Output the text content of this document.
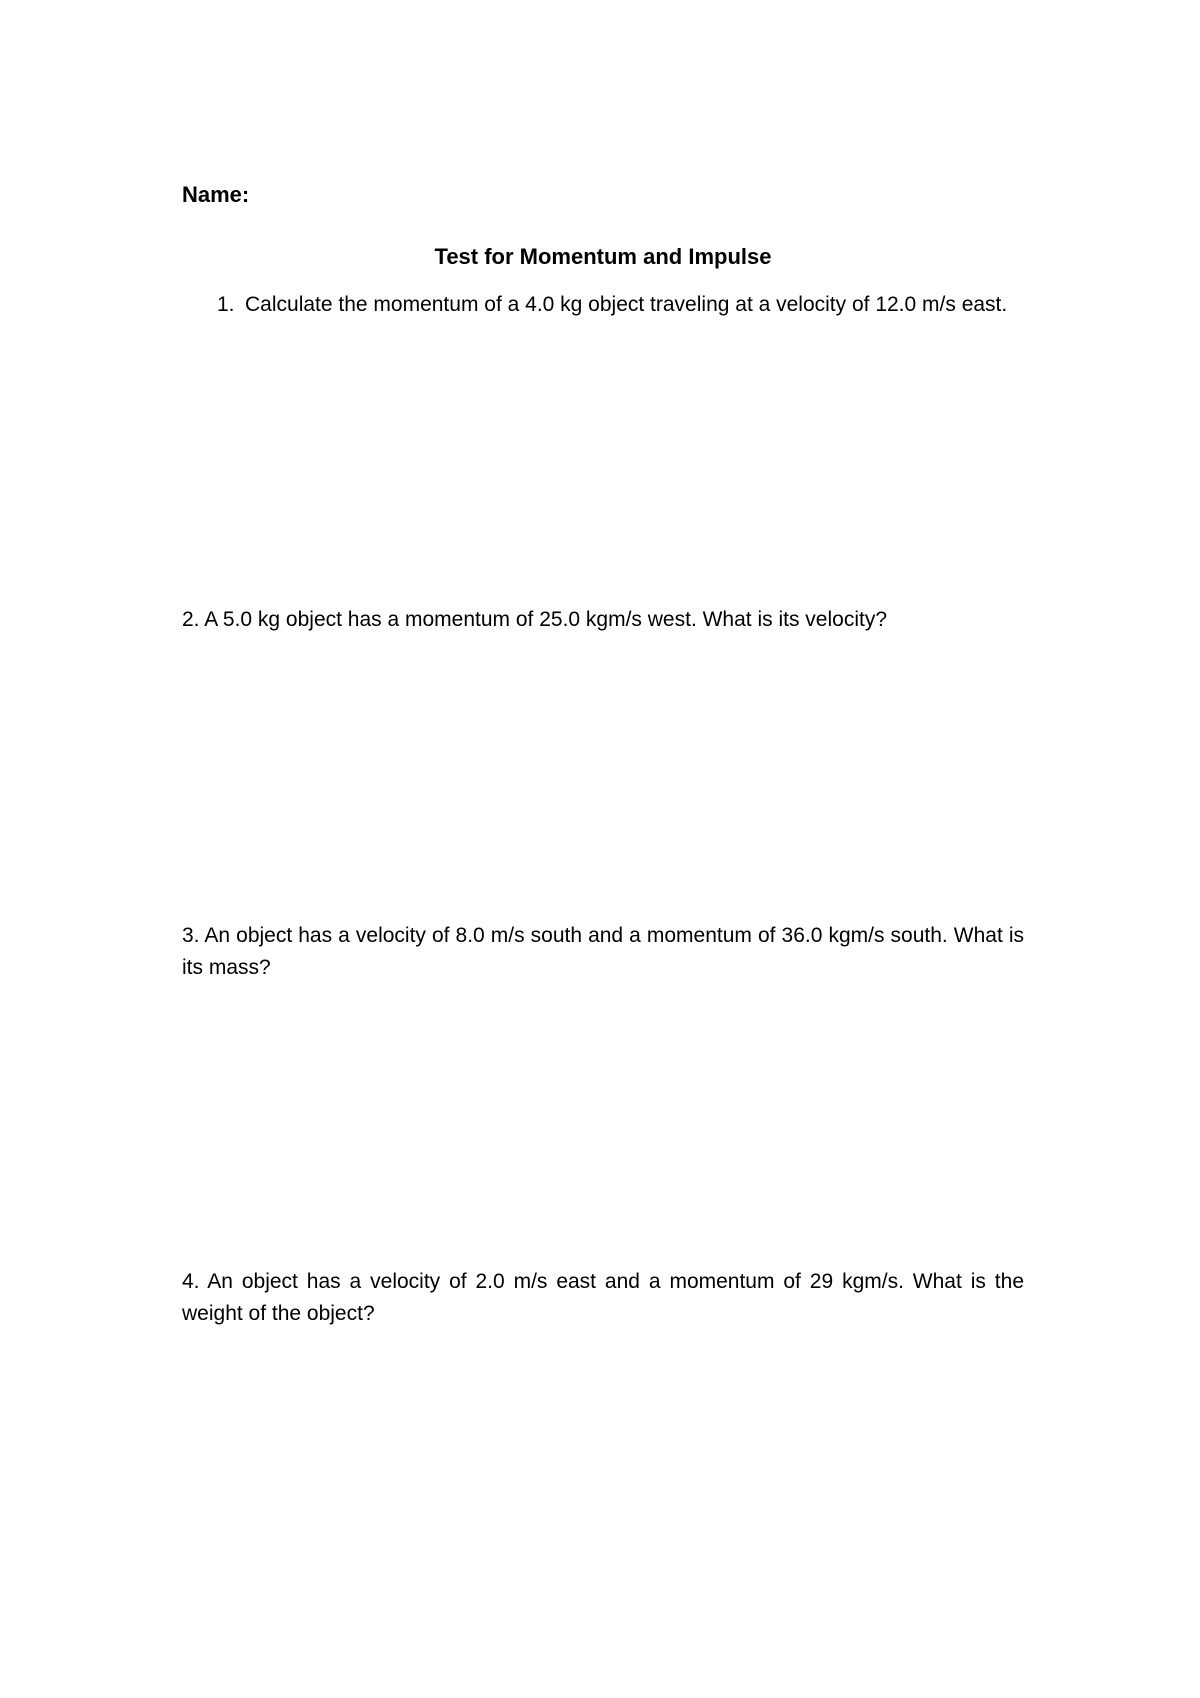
Name:
Test for Momentum and Impulse
1. Calculate the momentum of a 4.0 kg object traveling at a velocity of 12.0 m/s east.
2. A 5.0 kg object has a momentum of 25.0 kgm/s west. What is its velocity?
3. An object has a velocity of 8.0 m/s south and a momentum of 36.0 kgm/s south. What is its mass?
4. An object has a velocity of 2.0 m/s east and a momentum of 29 kgm/s. What is the weight of the object?
